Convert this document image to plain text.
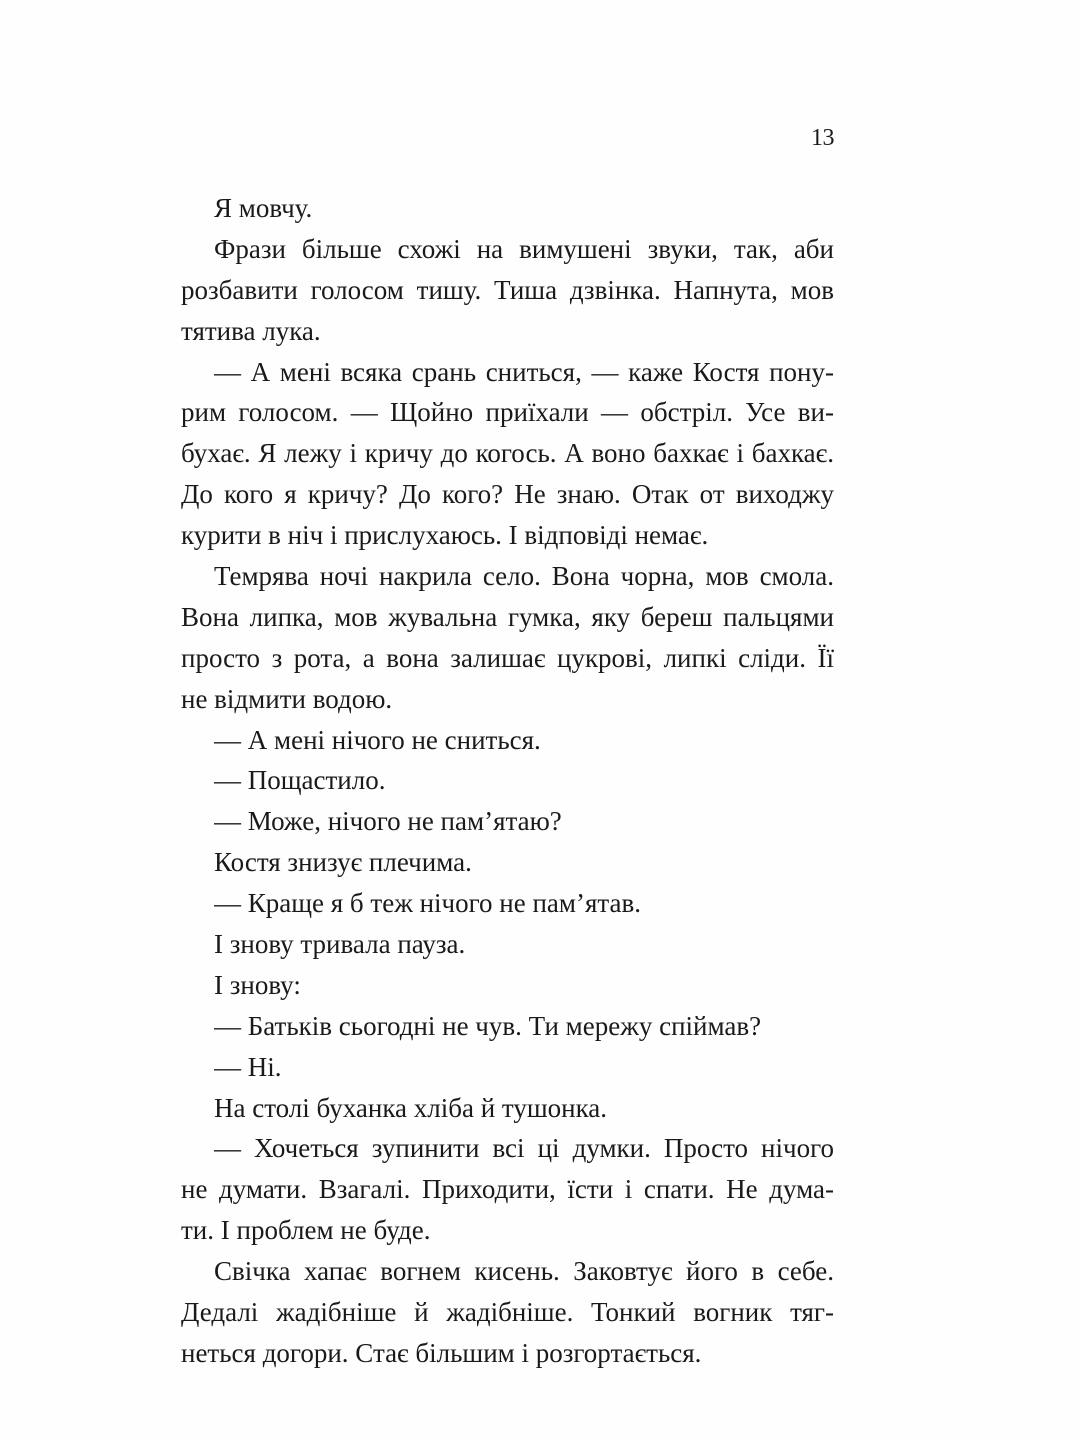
13
Я мовчу.
Фрази більше схожі на вимушені звуки, так, аби
розбавити голосом тишу. Тиша дзвінка. Напнута, мов
тятива лука.
— А мені всяка срань сниться, — каже Костя пону-
рим голосом. — Щойно приїхали — обстріл. Усе ви-
бухає. Я лежу і кричу до когось. А воно бахкає і бахкає.
До кого я кричу? До кого? Не знаю. Отак от виходжу
курити в ніч і прислухаюсь. І відповіді немає.
Темрява ночі накрила село. Вона чорна, мов смола.
Вона липка, мов жувальна гумка, яку береш пальцями
просто з рота, а вона залишає цукрові, липкі сліди. Її
не відмити водою.
— А мені нічого не сниться.
— Пощастило.
— Може, нічого не пам’ятаю?
Костя знизує плечима.
— Краще я б теж нічого не пам’ятав.
І знову тривала пауза.
І знову:
— Батьків сьогодні не чув. Ти мережу спіймав?
— Ні.
На столі буханка хліба й тушонка.
— Хочеться зупинити всі ці думки. Просто нічого
не думати. Взагалі. Приходити, їсти і спати. Не дума-
ти. І проблем не буде.
Свічка хапає вогнем кисень. Заковтує його в себе.
Дедалі жадібніше й жадібніше. Тонкий вогник тяг-
неться догори. Стає більшим і розгортається.
